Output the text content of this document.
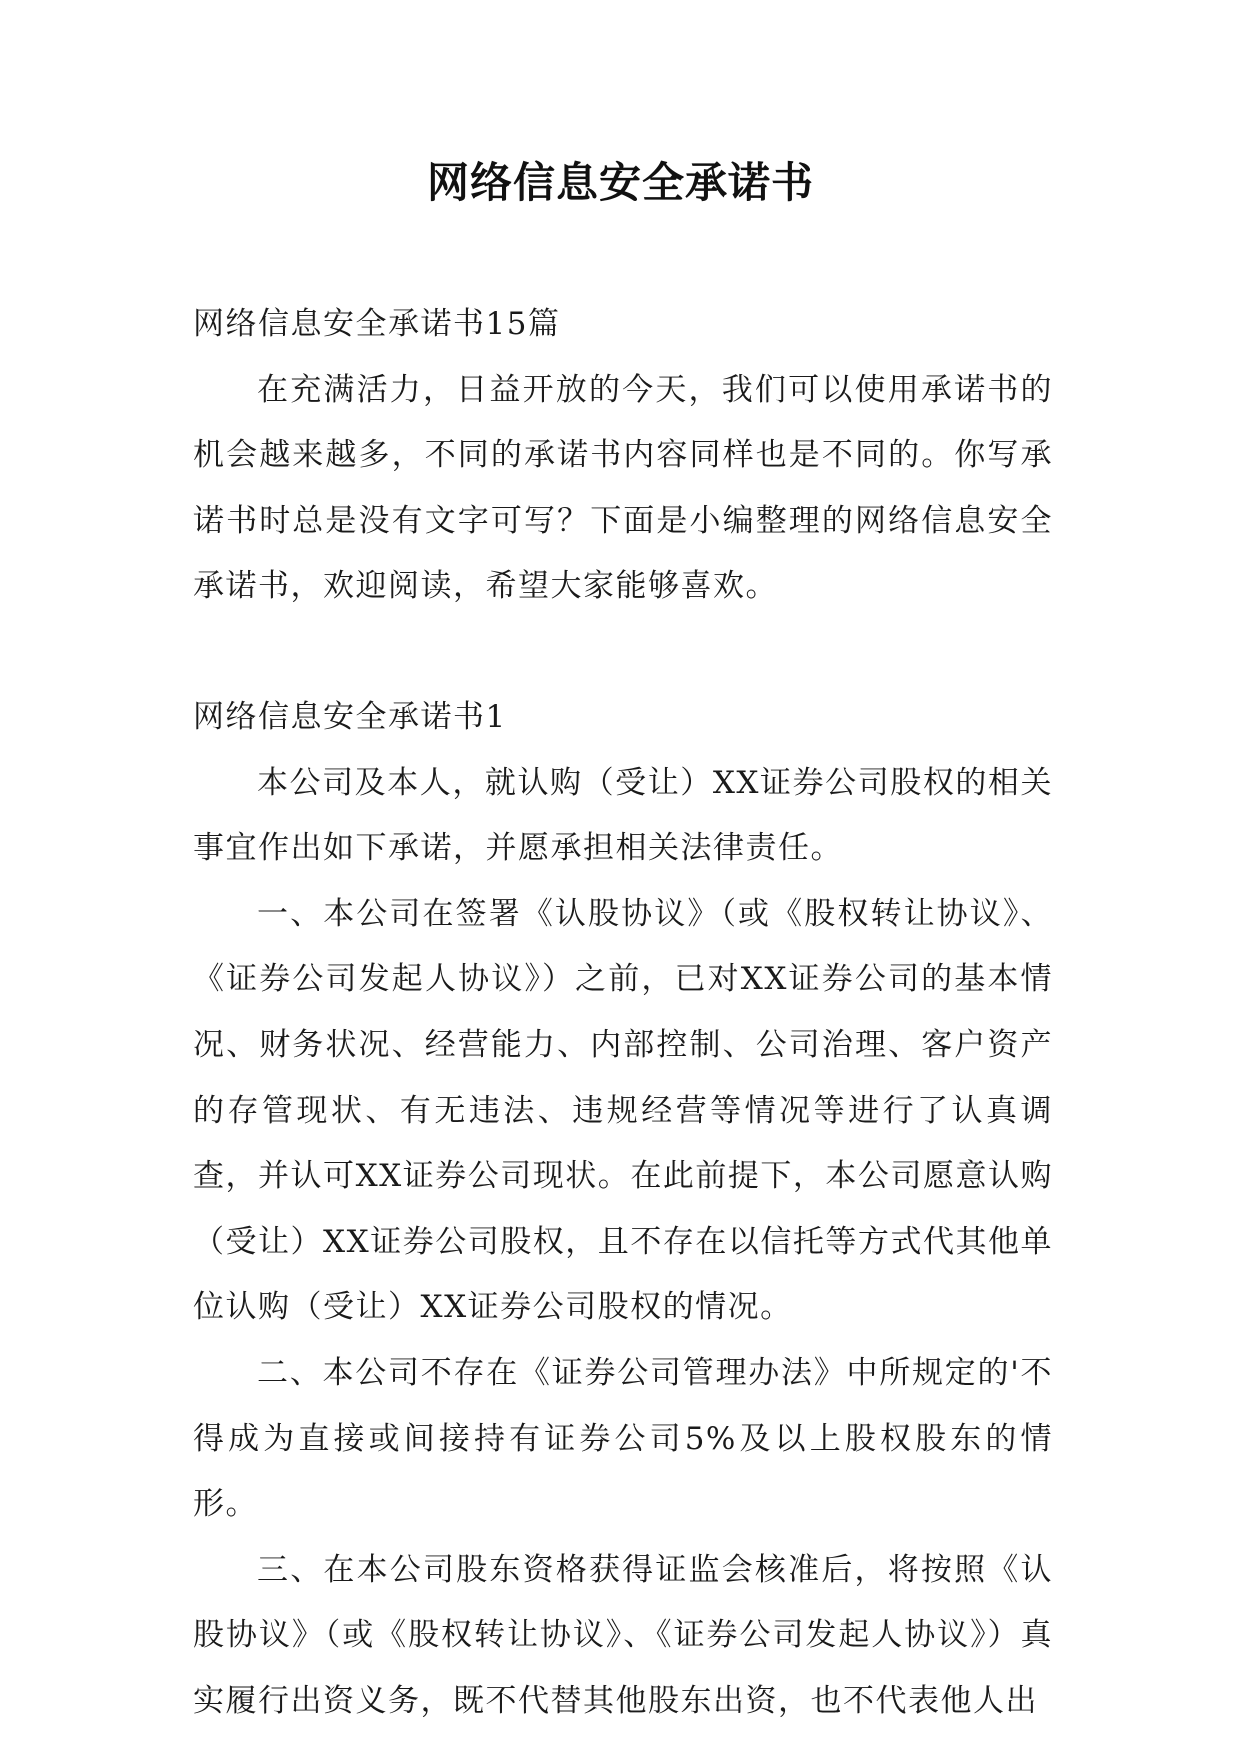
网络信息安全承诺书

网络信息安全承诺书15篇

在充满活力，日益开放的今天，我们可以使用承诺书的机会越来越多，不同的承诺书内容同样也是不同的。你写承诺书时总是没有文字可写？下面是小编整理的网络信息安全承诺书，欢迎阅读，希望大家能够喜欢。

网络信息安全承诺书1

本公司及本人，就认购（受让）XX证券公司股权的相关事宜作出如下承诺，并愿承担相关法律责任。

一、本公司在签署《认股协议》（或《股权转让协议》、《证券公司发起人协议》）之前，已对XX证券公司的基本情况、财务状况、经营能力、内部控制、公司治理、客户资产的存管现状、有无违法、违规经营等情况等进行了认真调查，并认可XX证券公司现状。在此前提下，本公司愿意认购（受让）XX证券公司股权，且不存在以信托等方式代其他单位认购（受让）XX证券公司股权的情况。

二、本公司不存在《证券公司管理办法》中所规定的'不得成为直接或间接持有证券公司5%及以上股权股东的情形。

三、在本公司股东资格获得证监会核准后，将按照《认股协议》（或《股权转让协议》、《证券公司发起人协议》）真实履行出资义务，既不代替其他股东出资，也不代表他人出
